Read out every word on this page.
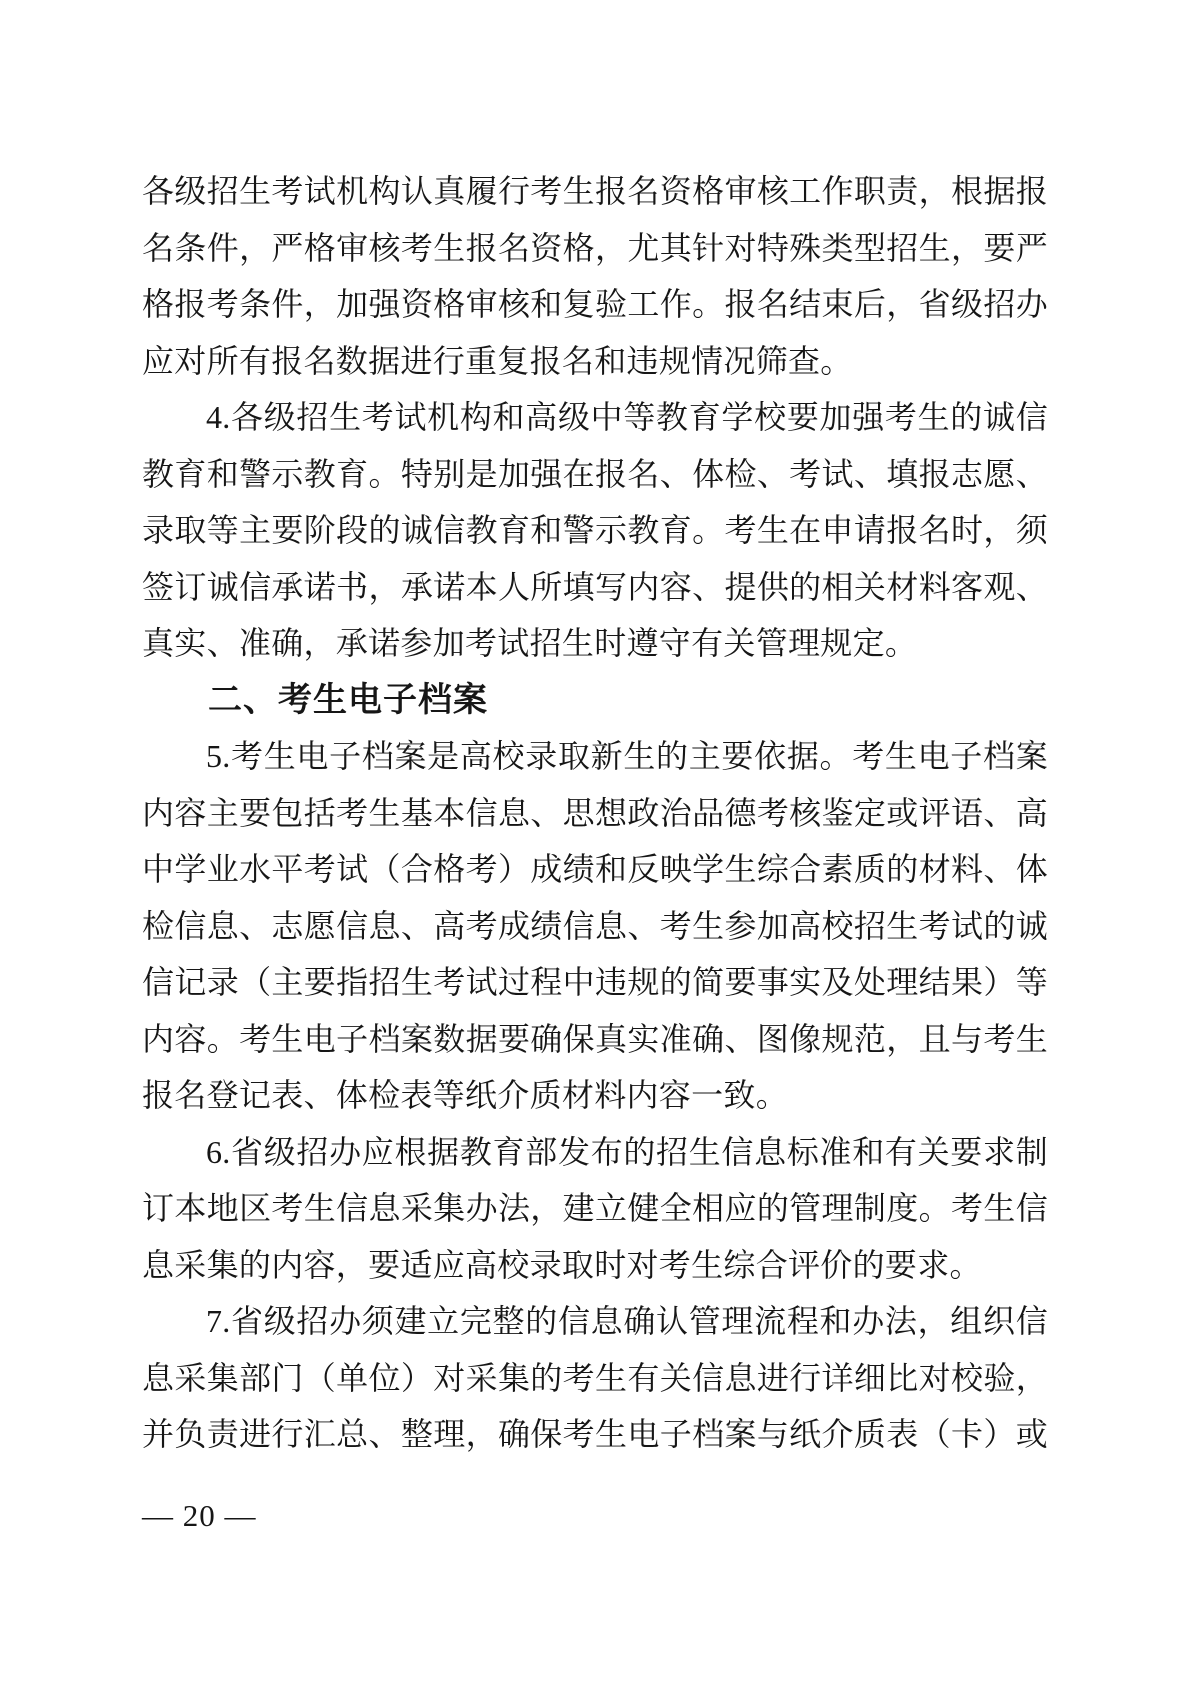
各级招生考试机构认真履行考生报名资格审核工作职责，根据报
名条件，严格审核考生报名资格，尤其针对特殊类型招生，要严
格报考条件，加强资格审核和复验工作。报名结束后，省级招办
应对所有报名数据进行重复报名和违规情况筛查。
4.各级招生考试机构和高级中等教育学校要加强考生的诚信
教育和警示教育。特别是加强在报名、体检、考试、填报志愿、
录取等主要阶段的诚信教育和警示教育。考生在申请报名时，须
签订诚信承诺书，承诺本人所填写内容、提供的相关材料客观、
真实、准确，承诺参加考试招生时遵守有关管理规定。
二、考生电子档案
5.考生电子档案是高校录取新生的主要依据。考生电子档案
内容主要包括考生基本信息、思想政治品德考核鉴定或评语、高
中学业水平考试（合格考）成绩和反映学生综合素质的材料、体
检信息、志愿信息、高考成绩信息、考生参加高校招生考试的诚
信记录（主要指招生考试过程中违规的简要事实及处理结果）等
内容。考生电子档案数据要确保真实准确、图像规范，且与考生
报名登记表、体检表等纸介质材料内容一致。
6.省级招办应根据教育部发布的招生信息标准和有关要求制
订本地区考生信息采集办法，建立健全相应的管理制度。考生信
息采集的内容，要适应高校录取时对考生综合评价的要求。
7.省级招办须建立完整的信息确认管理流程和办法，组织信
息采集部门（单位）对采集的考生有关信息进行详细比对校验，
并负责进行汇总、整理，确保考生电子档案与纸介质表（卡）或
— 20 —
